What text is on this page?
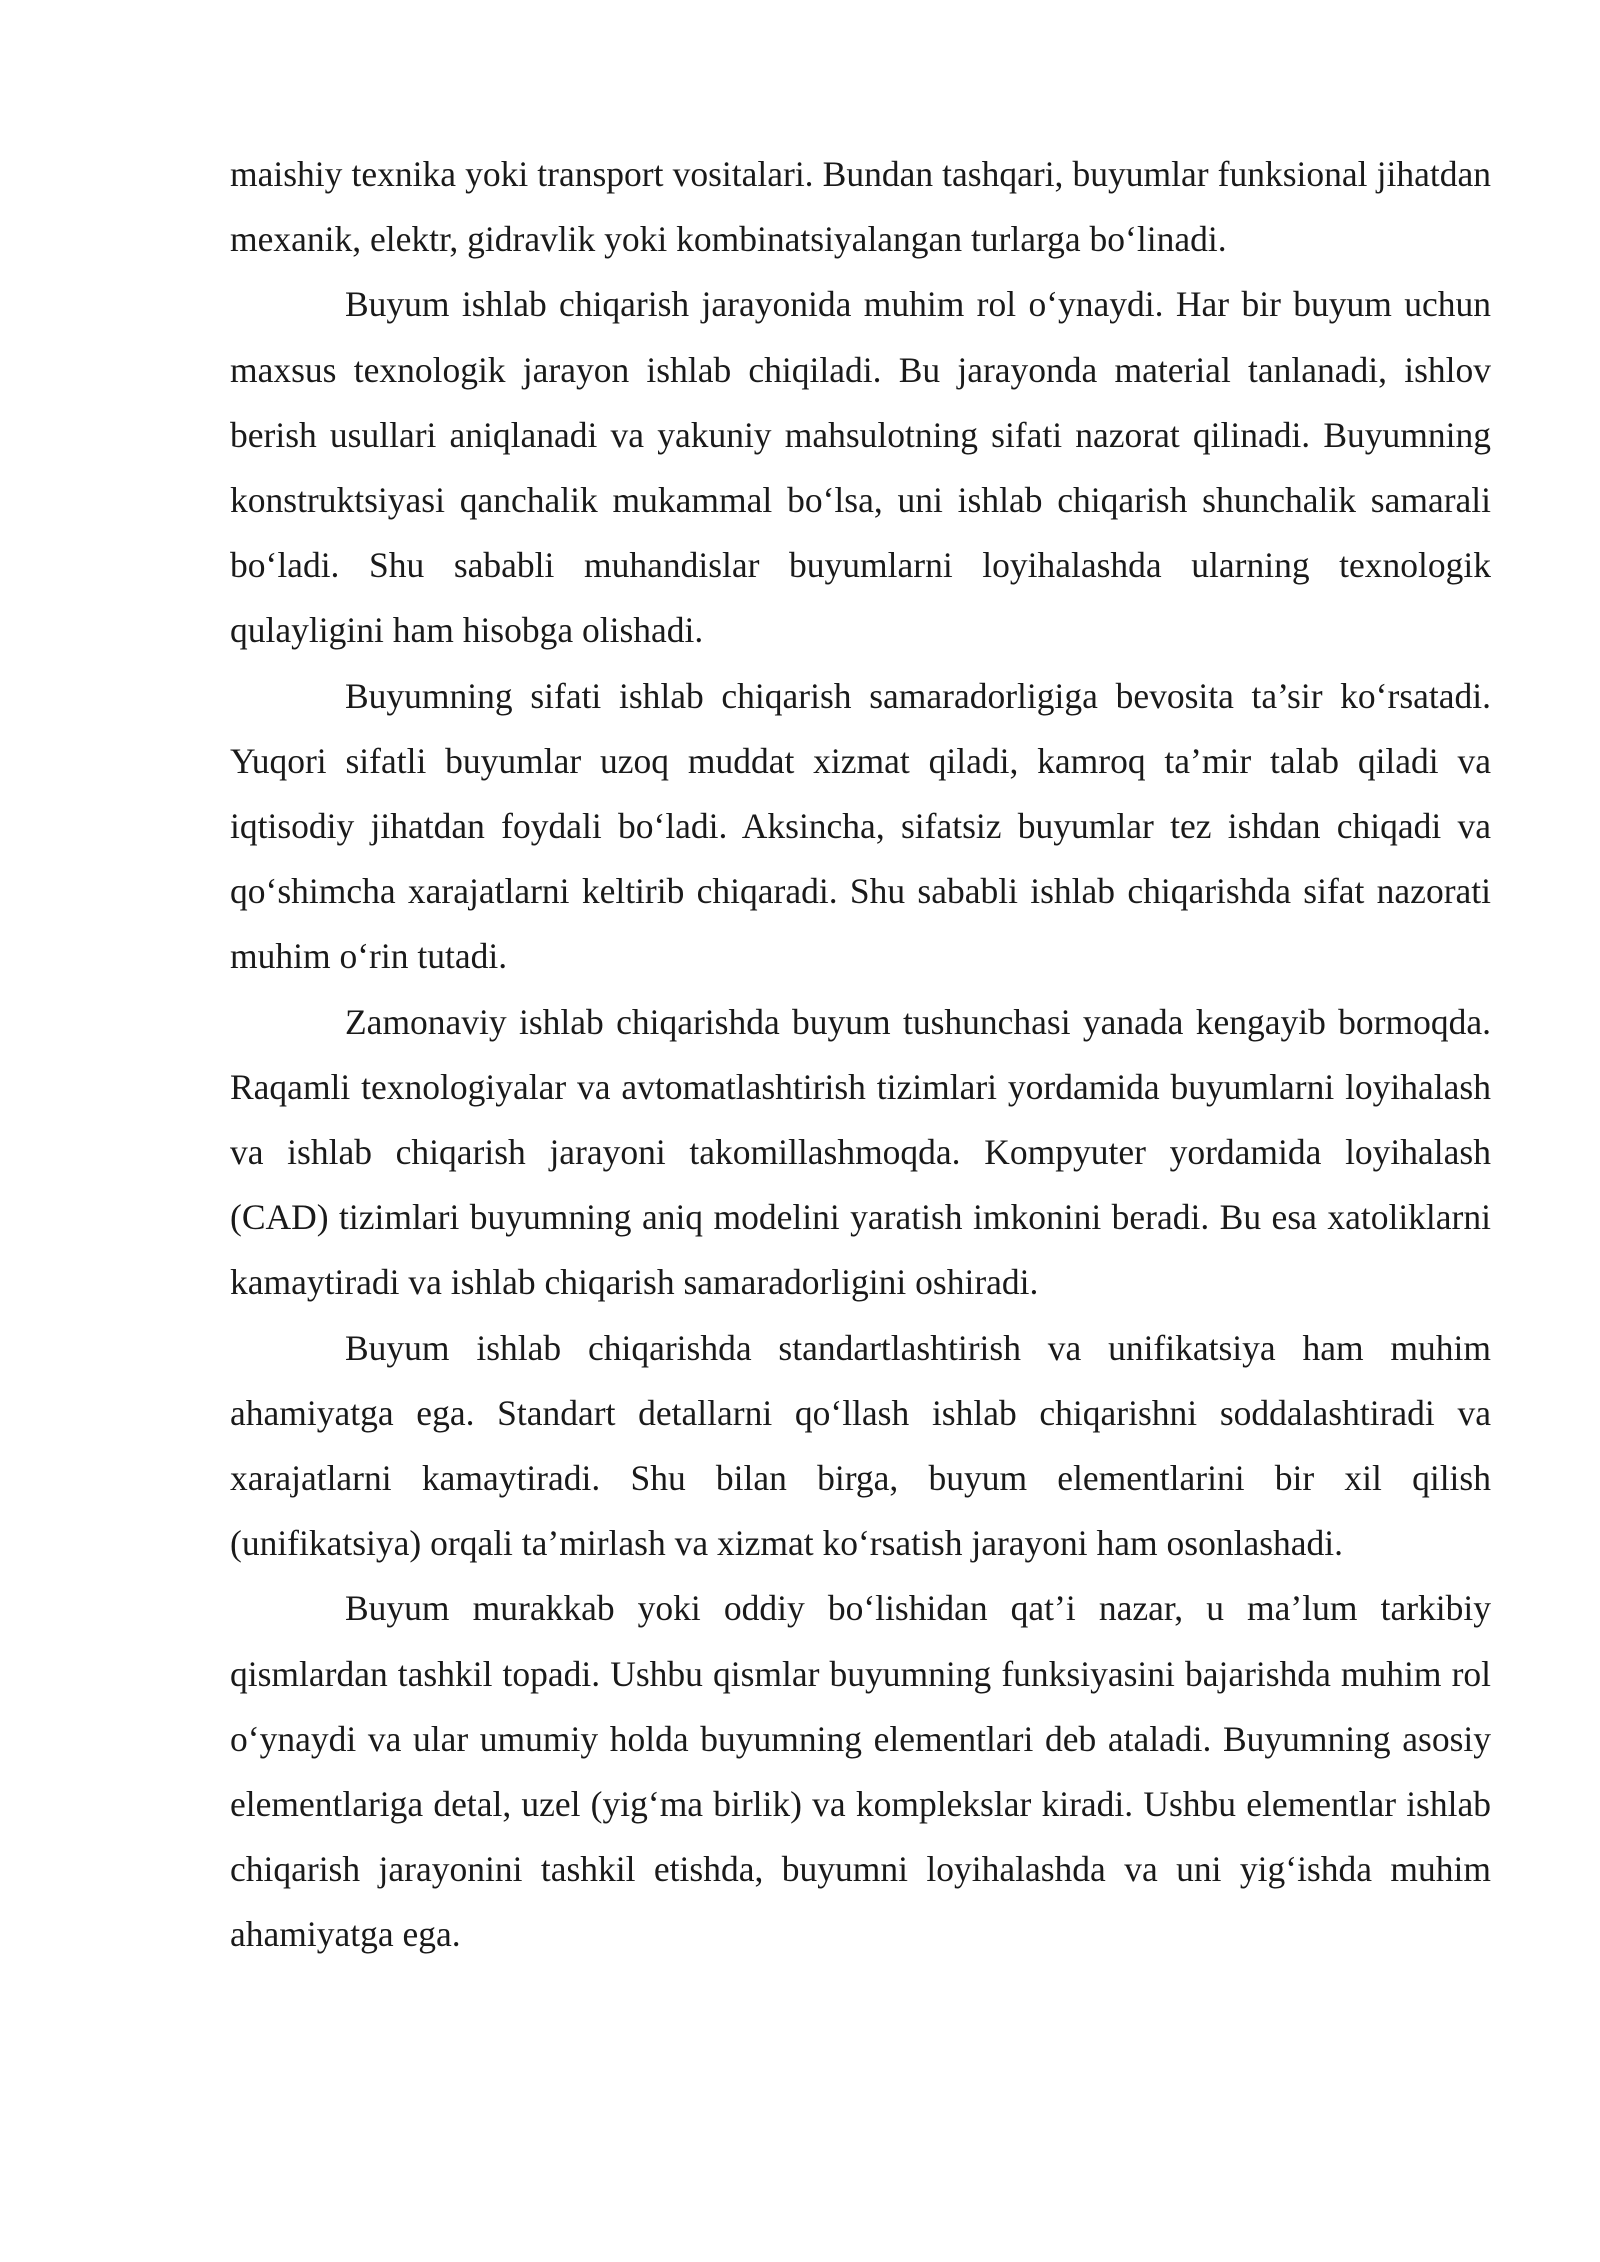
maishiy texnika yoki transport vositalari. Bundan tashqari, buyumlar funksional jihatdan mexanik, elektr, gidravlik yoki kombinatsiyalangan turlarga bo‘linadi.

Buyum ishlab chiqarish jarayonida muhim rol o‘ynaydi. Har bir buyum uchun maxsus texnologik jarayon ishlab chiqiladi. Bu jarayonda material tanlanadi, ishlov berish usullari aniqlanadi va yakuniy mahsulotning sifati nazorat qilinadi. Buyumning konstruktsiyasi qanchalik mukammal bo‘lsa, uni ishlab chiqarish shunchalik samarali bo‘ladi. Shu sababli muhandislar buyumlarni loyihalashda ularning texnologik qulayligini ham hisobga olishadi.

Buyumning sifati ishlab chiqarish samaradorligiga bevosita ta’sir ko‘rsatadi. Yuqori sifatli buyumlar uzoq muddat xizmat qiladi, kamroq ta’mir talab qiladi va iqtisodiy jihatdan foydali bo‘ladi. Aksincha, sifatsiz buyumlar tez ishdan chiqadi va qo‘shimcha xarajatlarni keltirib chiqaradi. Shu sababli ishlab chiqarishda sifat nazorati muhim o‘rin tutadi.

Zamonaviy ishlab chiqarishda buyum tushunchasi yanada kengayib bormoqda. Raqamli texnologiyalar va avtomatlashtirish tizimlari yordamida buyumlarni loyihalash va ishlab chiqarish jarayoni takomillashmoqda. Kompyuter yordamida loyihalash (CAD) tizimlari buyumning aniq modelini yaratish imkonini beradi. Bu esa xatoliklarni kamaytiradi va ishlab chiqarish samaradorligini oshiradi.

Buyum ishlab chiqarishda standartlashtirish va unifikatsiya ham muhim ahamiyatga ega. Standart detallarni qo‘llash ishlab chiqarishni soddalashtiradi va xarajatlarni kamaytiradi. Shu bilan birga, buyum elementlarini bir xil qilish (unifikatsiya) orqali ta’mirlash va xizmat ko‘rsatish jarayoni ham osonlashadi.

Buyum murakkab yoki oddiy bo‘lishidan qat’i nazar, u ma’lum tarkibiy qismlardan tashkil topadi. Ushbu qismlar buyumning funksiyasini bajarishda muhim rol o‘ynaydi va ular umumiy holda buyumning elementlari deb ataladi. Buyumning asosiy elementlariga detal, uzel (yig‘ma birlik) va komplekslar kiradi. Ushbu elementlar ishlab chiqarish jarayonini tashkil etishda, buyumni loyihalashda va uni yig‘ishda muhim ahamiyatga ega.
